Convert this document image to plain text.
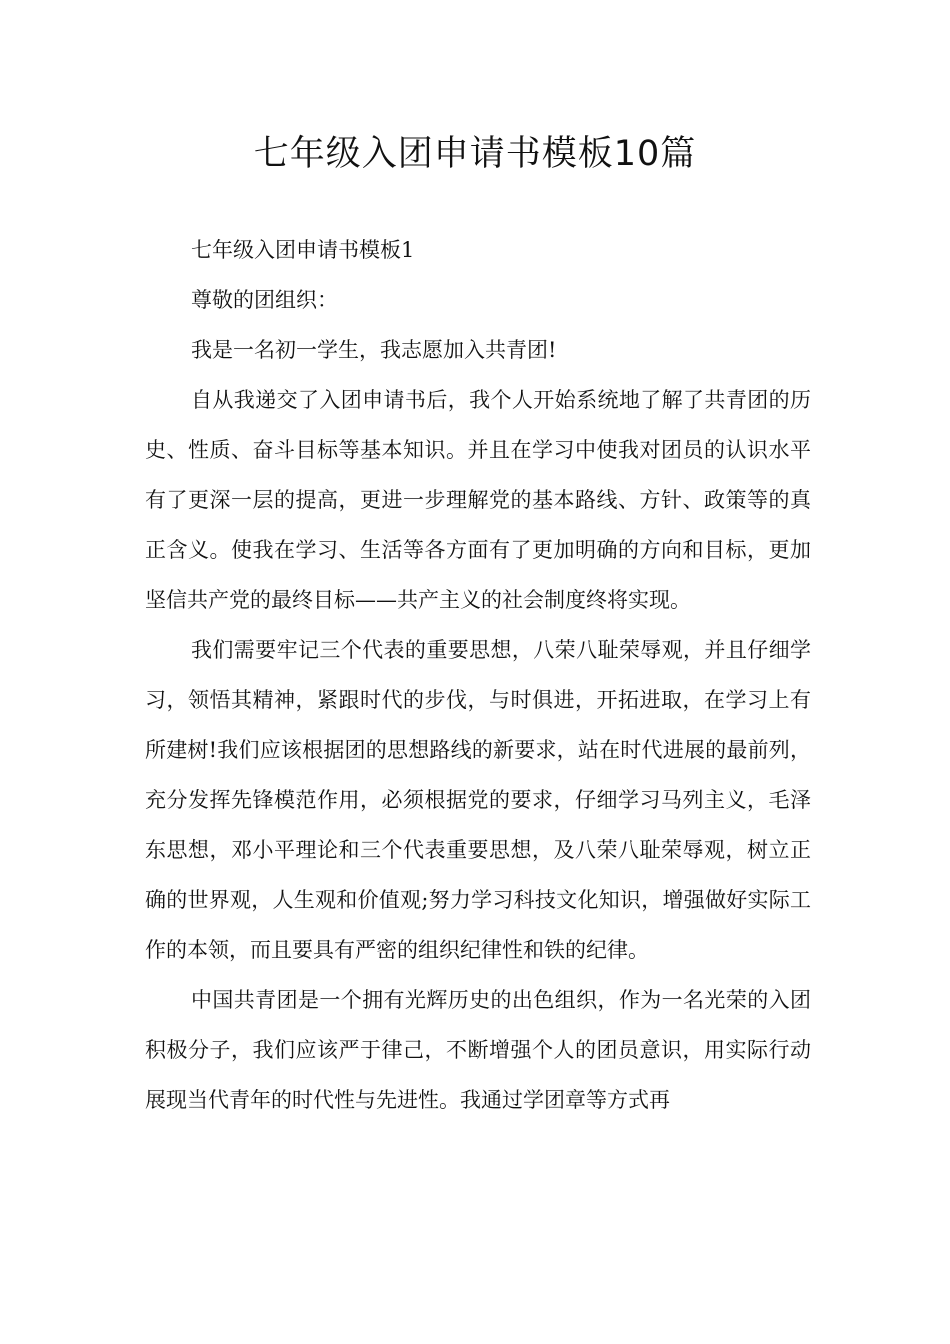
七年级入团申请书模板10篇

七年级入团申请书模板1

尊敬的团组织：

我是一名初一学生，我志愿加入共青团!

自从我递交了入团申请书后，我个人开始系统地了解了共青团的历史、性质、奋斗目标等基本知识。并且在学习中使我对团员的认识水平有了更深一层的提高，更进一步理解党的基本路线、方针、政策等的真正含义。使我在学习、生活等各方面有了更加明确的方向和目标，更加坚信共产党的最终目标——共产主义的社会制度终将实现。

我们需要牢记三个代表的重要思想，八荣八耻荣辱观，并且仔细学习，领悟其精神，紧跟时代的步伐，与时俱进，开拓进取，在学习上有所建树!我们应该根据团的思想路线的新要求，站在时代进展的最前列，充分发挥先锋模范作用，必须根据党的要求，仔细学习马列主义，毛泽东思想，邓小平理论和三个代表重要思想，及八荣八耻荣辱观，树立正确的世界观，人生观和价值观;努力学习科技文化知识，增强做好实际工作的本领，而且要具有严密的组织纪律性和铁的纪律。

中国共青团是一个拥有光辉历史的出色组织，作为一名光荣的入团积极分子，我们应该严于律己，不断增强个人的团员意识，用实际行动展现当代青年的时代性与先进性。我通过学团章等方式再
